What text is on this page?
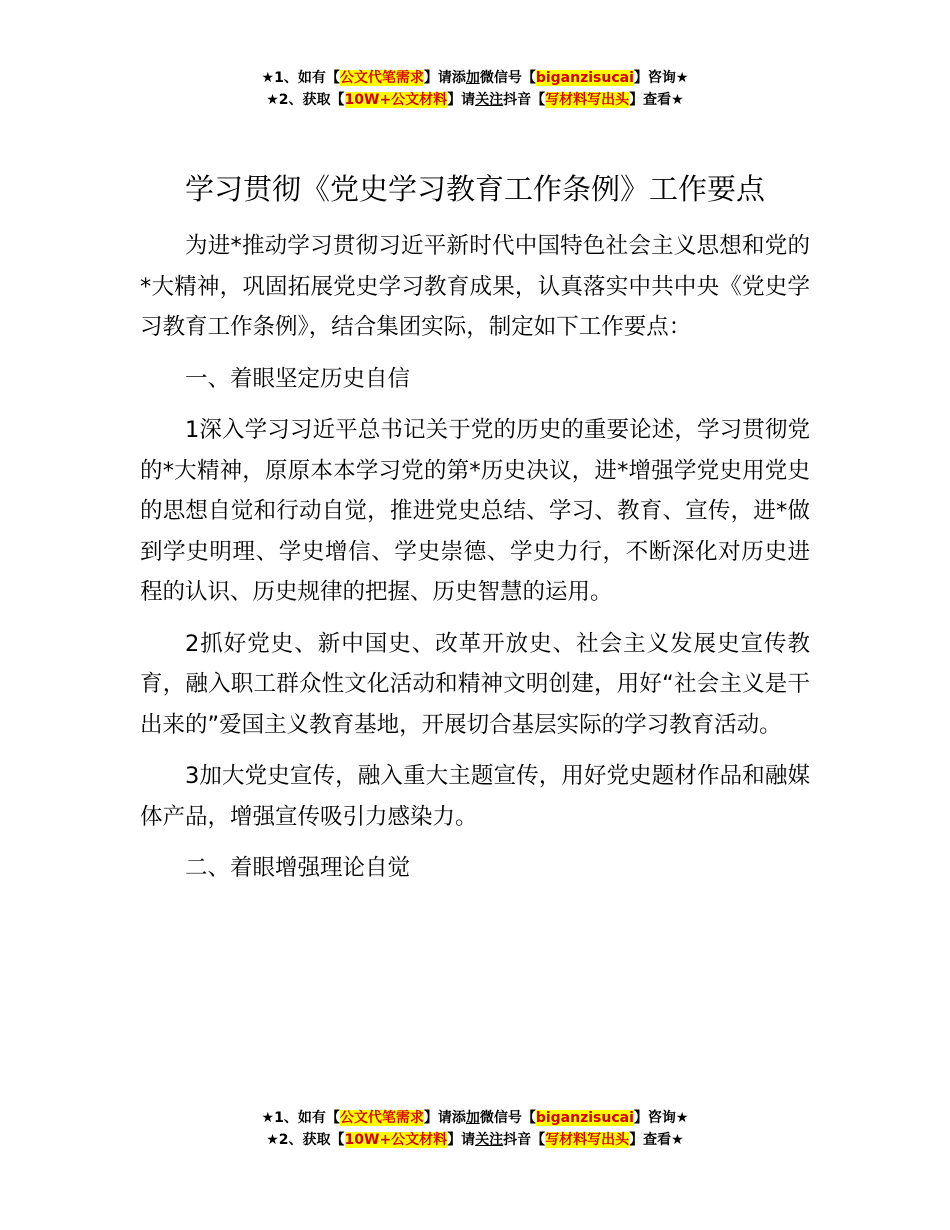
★1、如有【公文代笔需求】请添加微信号【biganzisucai】咨询★
★2、获取【10W+公文材料】请关注抖音【写材料写出头】查看★
学习贯彻《党史学习教育工作条例》工作要点

为进*推动学习贯彻习近平新时代中国特色社会主义思想和党的*大精神，巩固拓展党史学习教育成果，认真落实中共中央《党史学习教育工作条例》，结合集团实际，制定如下工作要点：

一、着眼坚定历史自信

1深入学习习近平总书记关于党的历史的重要论述，学习贯彻党的*大精神，原原本本学习党的第*历史决议，进*增强学党史用党史的思想自觉和行动自觉，推进党史总结、学习、教育、宣传，进*做到学史明理、学史增信、学史崇德、学史力行，不断深化对历史进程的认识、历史规律的把握、历史智慧的运用。

2抓好党史、新中国史、改革开放史、社会主义发展史宣传教育，融入职工群众性文化活动和精神文明创建，用好“社会主义是干出来的”爱国主义教育基地，开展切合基层实际的学习教育活动。

3加大党史宣传，融入重大主题宣传，用好党史题材作品和融媒体产品，增强宣传吸引力感染力。

二、着眼增强理论自觉

★1、如有【公文代笔需求】请添加微信号【biganzisucai】咨询★
★2、获取【10W+公文材料】请关注抖音【写材料写出头】查看★
